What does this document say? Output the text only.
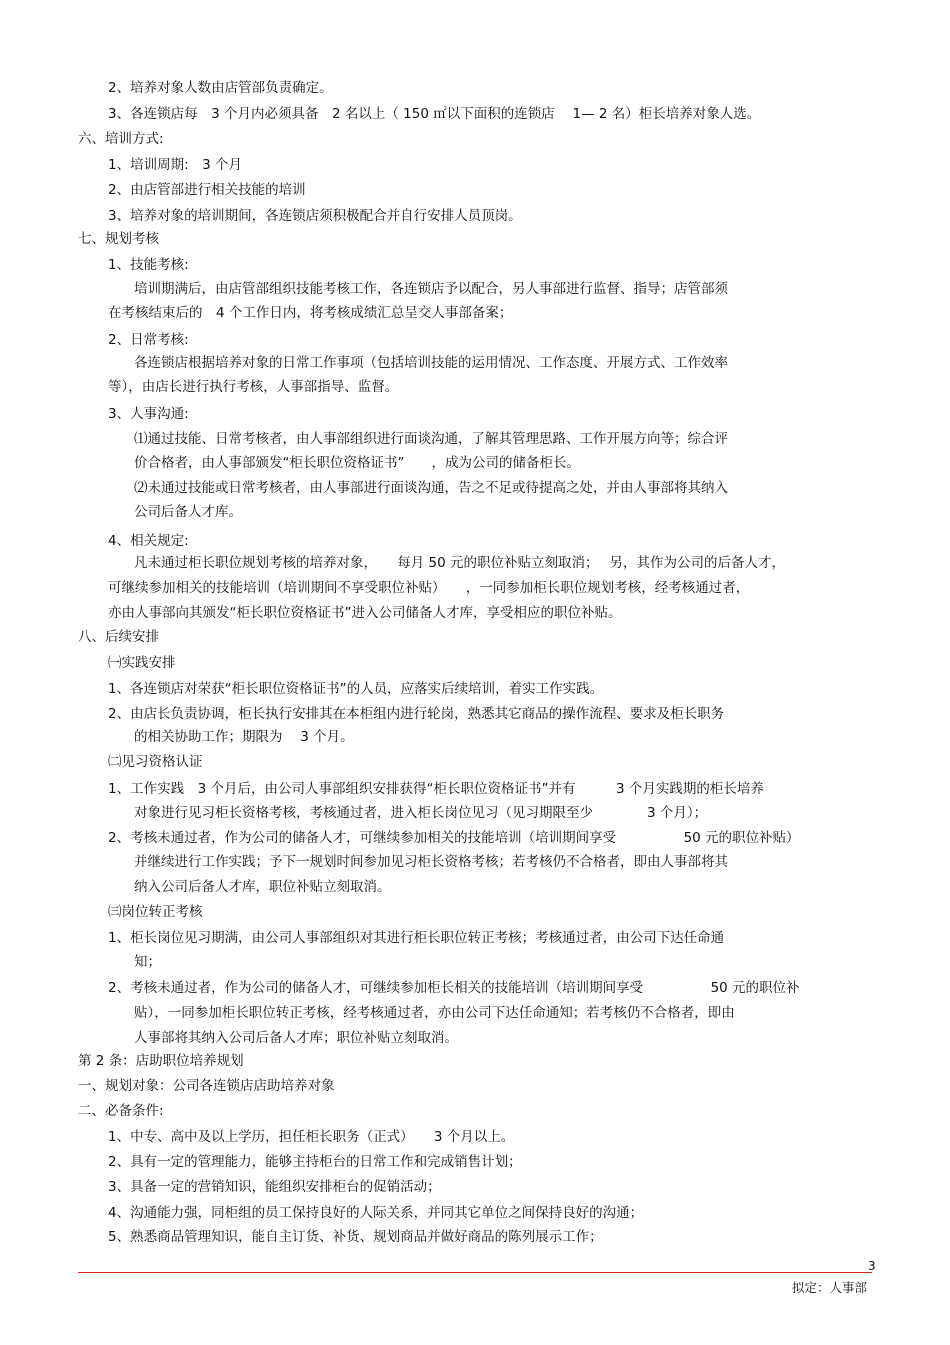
2、培养对象人数由店管部负责确定。
3、各连锁店每　3 个月内必须具备　2 名以上（ 150 ㎡以下面积的连锁店　 1— 2 名）柜长培养对象人选。
六、培训方式:
1、培训周期:　3 个月
2、由店管部进行相关技能的培训
3、培养对象的培训期间，各连锁店须积极配合并自行安排人员顶岗。
七、规划考核
1、技能考核:
培训期满后，由店管部组织技能考核工作，各连锁店予以配合，另人事部进行监督、指导；店管部须
在考核结束后的　4 个工作日内，将考核成绩汇总呈交人事部备案；
2、日常考核:
各连锁店根据培养对象的日常工作事项（包括培训技能的运用情况、工作态度、开展方式、工作效率
等），由店长进行执行考核，人事部指导、监督。
3、人事沟通:
⑴通过技能、日常考核者，由人事部组织进行面谈沟通，了解其管理思路、工作开展方向等；综合评
价合格者，由人事部颁发“柜长职位资格证书”　　，成为公司的储备柜长。
⑵未通过技能或日常考核者，由人事部进行面谈沟通，告之不足或待提高之处，并由人事部将其纳入
公司后备人才库。
4、相关规定:
凡未通过柜长职位规划考核的培养对象，　　每月 50 元的职位补贴立刻取消；　 另，其作为公司的后备人才，
可继续参加相关的技能培训（培训期间不享受职位补贴）　　，一同参加柜长职位规划考核，经考核通过者，
亦由人事部向其颁发“柜长职位资格证书”进入公司储备人才库，享受相应的职位补贴。
八、后续安排
㈠实践安排
1、各连锁店对荣获“柜长职位资格证书”的人员，应落实后续培训，着实工作实践。
2、由店长负责协调，柜长执行安排其在本柜组内进行轮岗，熟悉其它商品的操作流程、要求及柜长职务
的相关协助工作；期限为　 3 个月。
㈡见习资格认证
1、工作实践　3 个月后，由公司人事部组织安排获得“柜长职位资格证书”并有　　　3 个月实践期的柜长培养
对象进行见习柜长资格考核，考核通过者，进入柜长岗位见习（见习期限至少　　　　3 个月）；
2、考核未通过者，作为公司的储备人才，可继续参加相关的技能培训（培训期间享受　　　　　50 元的职位补贴）
并继续进行工作实践；予下一规划时间参加见习柜长资格考核；若考核仍不合格者，即由人事部将其
纳入公司后备人才库，职位补贴立刻取消。
㈢岗位转正考核
1、柜长岗位见习期满，由公司人事部组织对其进行柜长职位转正考核；考核通过者，由公司下达任命通
知；
2、考核未通过者，作为公司的储备人才，可继续参加柜长相关的技能培训（培训期间享受　　　　　50 元的职位补
贴），一同参加柜长职位转正考核，经考核通过者，亦由公司下达任命通知；若考核仍不合格者，即由
人事部将其纳入公司后备人才库；职位补贴立刻取消。
第 2 条：店助职位培养规划
一、规划对象：公司各连锁店店助培养对象
二、必备条件:
1、中专、高中及以上学历，担任柜长职务（正式）　　3 个月以上。
2、具有一定的管理能力，能够主持柜台的日常工作和完成销售计划；
3、具备一定的营销知识，能组织安排柜台的促销活动；
4、沟通能力强，同柜组的员工保持良好的人际关系，并同其它单位之间保持良好的沟通；
5、熟悉商品管理知识，能自主订货、补货、规划商品并做好商品的陈列展示工作；
3
拟定：人事部
